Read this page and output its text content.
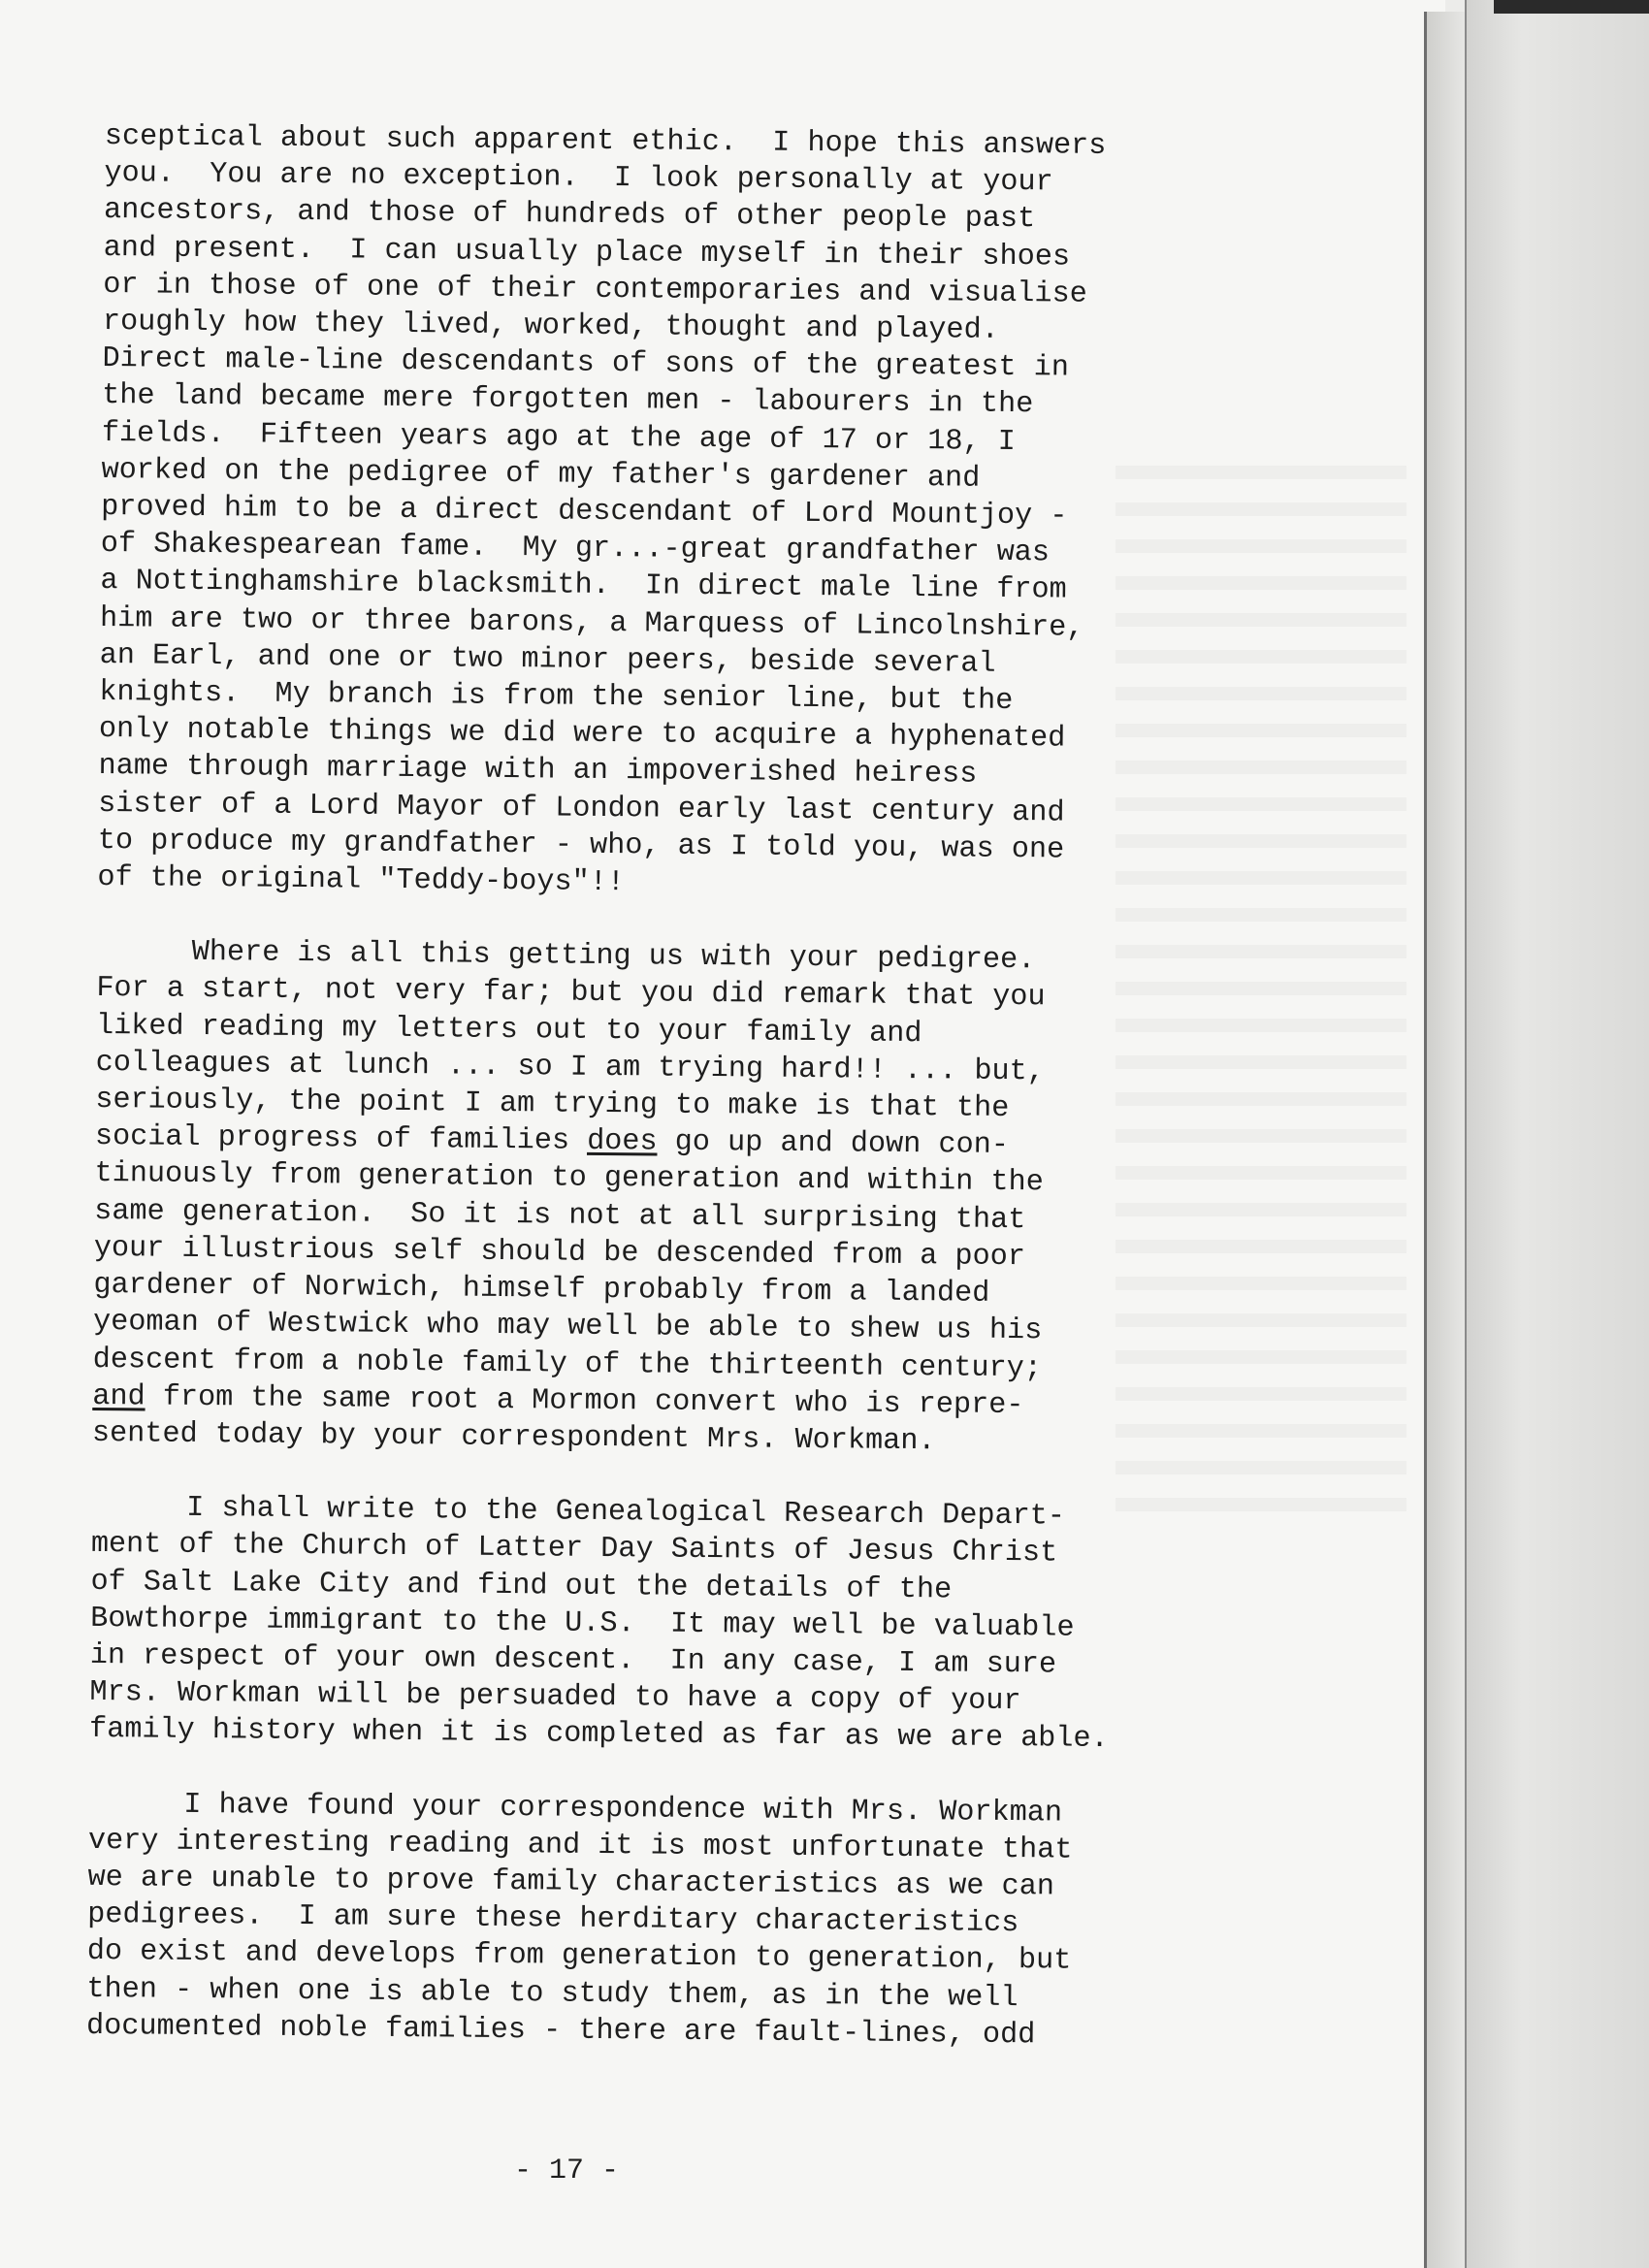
sceptical about such apparent ethic.  I hope this answers
you.  You are no exception.  I look personally at your
ancestors, and those of hundreds of other people past
and present.  I can usually place myself in their shoes
or in those of one of their contemporaries and visualise
roughly how they lived, worked, thought and played.
Direct male-line descendants of sons of the greatest in
the land became mere forgotten men - labourers in the
fields.  Fifteen years ago at the age of 17 or 18, I
worked on the pedigree of my father's gardener and
proved him to be a direct descendant of Lord Mountjoy -
of Shakespearean fame.  My gr...-great grandfather was
a Nottinghamshire blacksmith.  In direct male line from
him are two or three barons, a Marquess of Lincolnshire,
an Earl, and one or two minor peers, beside several
knights.  My branch is from the senior line, but the
only notable things we did were to acquire a hyphenated
name through marriage with an impoverished heiress
sister of a Lord Mayor of London early last century and
to produce my grandfather - who, as I told you, was one
of the original "Teddy-boys"!!
Where is all this getting us with your pedigree.
For a start, not very far; but you did remark that you
liked reading my letters out to your family and
colleagues at lunch ... so I am trying hard!! ... but,
seriously, the point I am trying to make is that the
social progress of families does go up and down con-
tinuously from generation to generation and within the
same generation.  So it is not at all surprising that
your illustrious self should be descended from a poor
gardener of Norwich, himself probably from a landed
yeoman of Westwick who may well be able to shew us his
descent from a noble family of the thirteenth century;
and from the same root a Mormon convert who is repre-
sented today by your correspondent Mrs. Workman.
I shall write to the Genealogical Research Depart-
ment of the Church of Latter Day Saints of Jesus Christ
of Salt Lake City and find out the details of the
Bowthorpe immigrant to the U.S.  It may well be valuable
in respect of your own descent.  In any case, I am sure
Mrs. Workman will be persuaded to have a copy of your
family history when it is completed as far as we are able.
I have found your correspondence with Mrs. Workman
very interesting reading and it is most unfortunate that
we are unable to prove family characteristics as we can
pedigrees.  I am sure these herditary characteristics
do exist and develops from generation to generation, but
then - when one is able to study them, as in the well
documented noble families - there are fault-lines, odd
- 17 -
